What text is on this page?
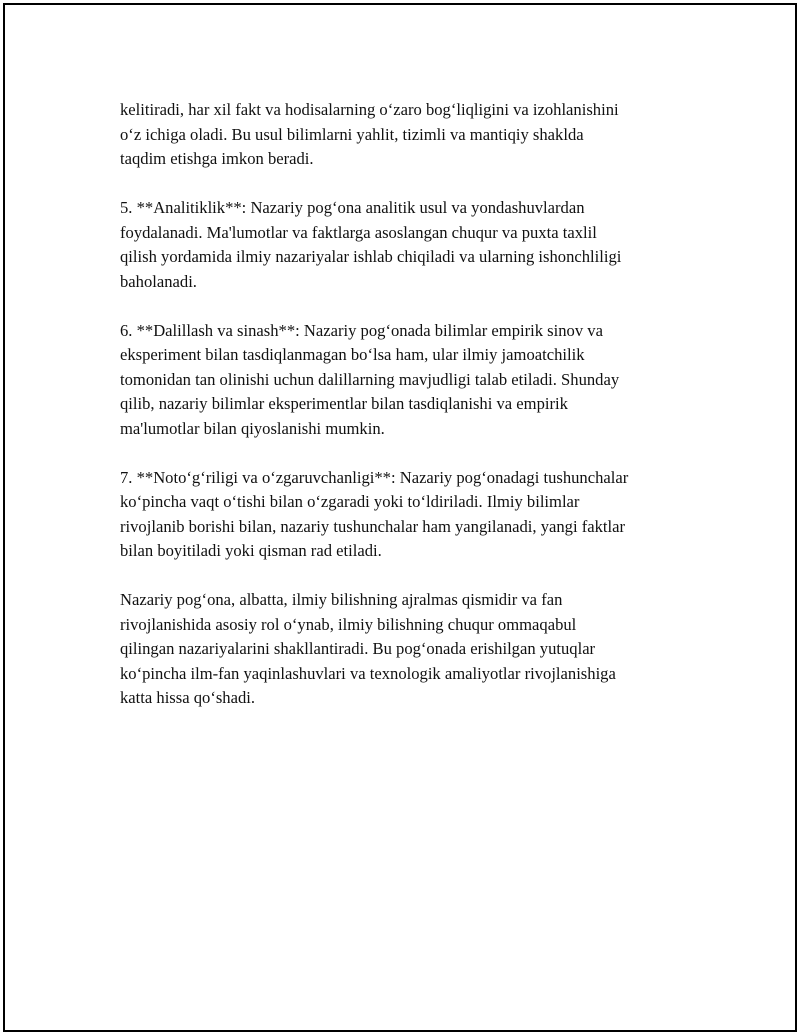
kelitiradi, har xil fakt va hodisalarning o‘zaro bog‘liqligini va izohlanishini
o‘z ichiga oladi. Bu usul bilimlarni yahlit, tizimli va mantiqiy shaklda
taqdim etishga imkon beradi.

5. **Analitiklik**: Nazariy pog‘ona analitik usul va yondashuvlardan
foydalanadi. Ma'lumotlar va faktlarga asoslangan chuqur va puxta taxlil
qilish yordamida ilmiy nazariyalar ishlab chiqiladi va ularning ishonchliligi
baholanadi.

6. **Dalillash va sinash**: Nazariy pog‘onada bilimlar empirik sinov va
eksperiment bilan tasdiqlanmagan bo‘lsa ham, ular ilmiy jamoatchilik
tomonidan tan olinishi uchun dalillarning mavjudligi talab etiladi. Shunday
qilib, nazariy bilimlar eksperimentlar bilan tasdiqlanishi va empirik
ma'lumotlar bilan qiyoslanishi mumkin.

7. **Noto‘g‘riligi va o‘zgaruvchanligi**: Nazariy pog‘onadagi tushunchalar
ko‘pincha vaqt o‘tishi bilan o‘zgaradi yoki to‘ldiriladi. Ilmiy bilimlar
rivojlanib borishi bilan, nazariy tushunchalar ham yangilanadi, yangi faktlar
bilan boyitiladi yoki qisman rad etiladi.

Nazariy pog‘ona, albatta, ilmiy bilishning ajralmas qismidir va fan
rivojlanishida asosiy rol o‘ynab, ilmiy bilishning chuqur ommaqabul
qilingan nazariyalarini shakllantiradi. Bu pog‘onada erishilgan yutuqlar
ko‘pincha ilm-fan yaqinlashuvlari va texnologik amaliyotlar rivojlanishiga
katta hissa qo‘shadi.
